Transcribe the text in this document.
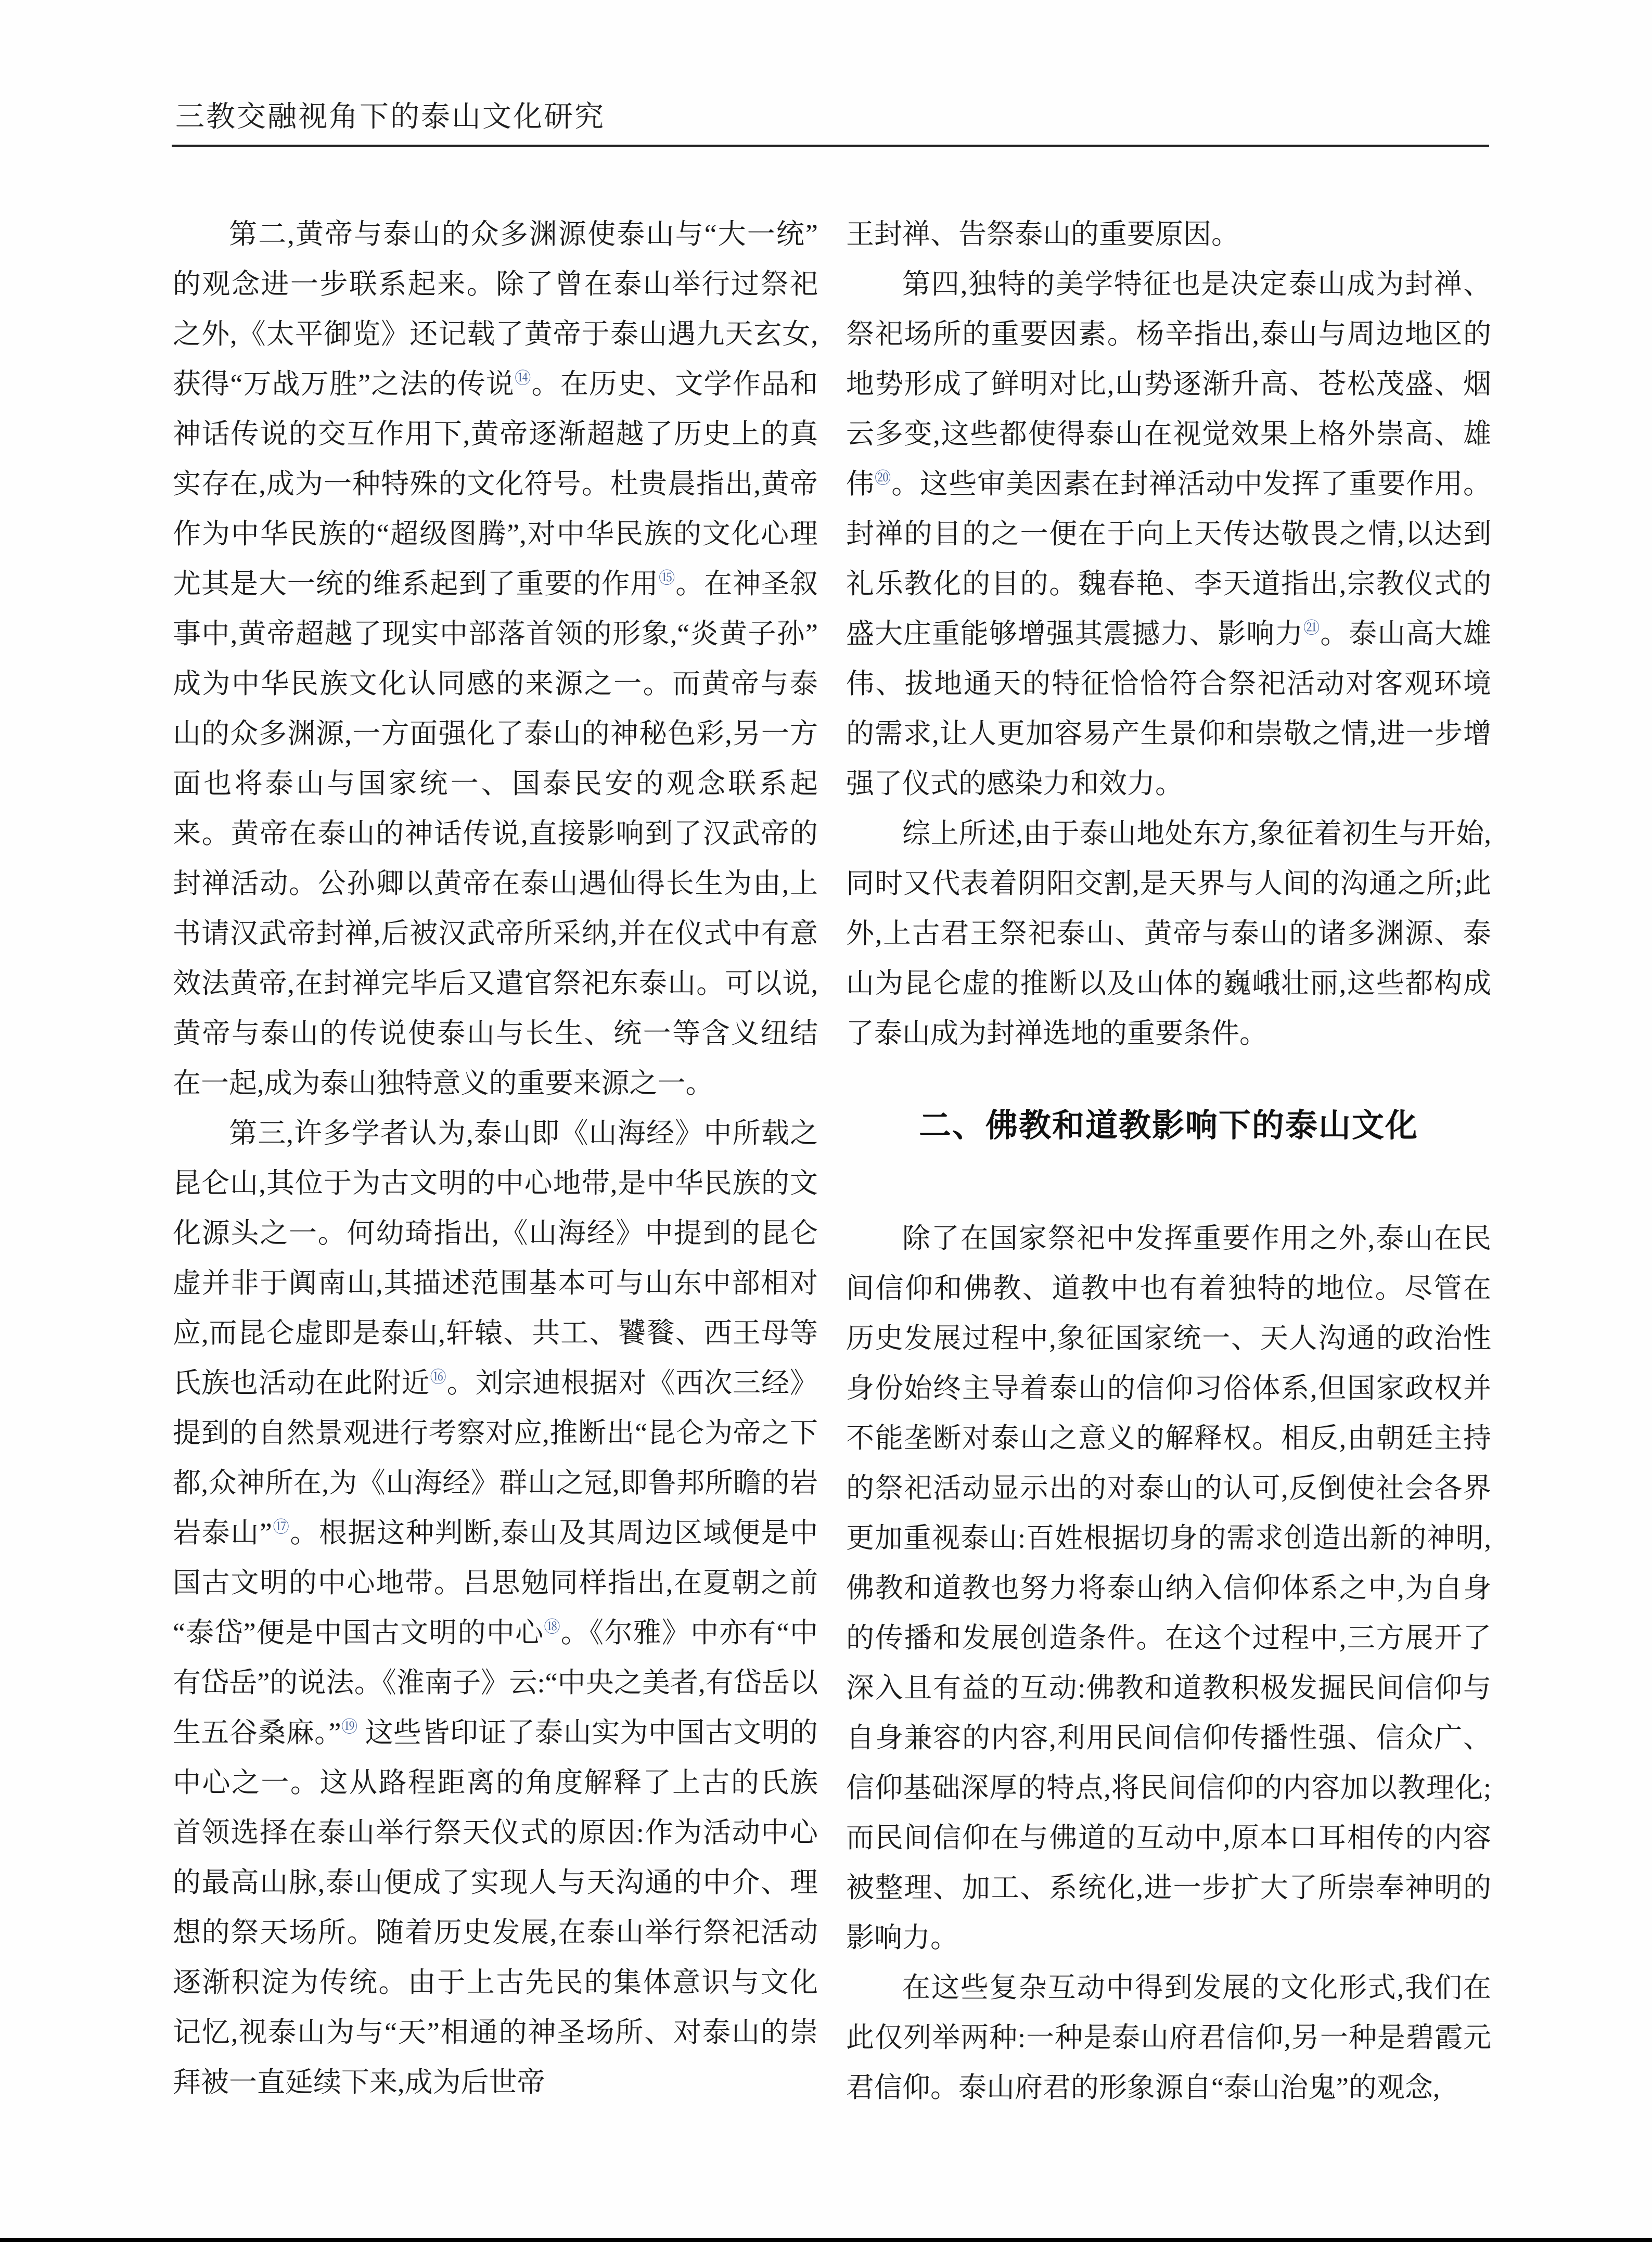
三教交融视角下的泰山文化研究

第二,黄帝与泰山的众多渊源使泰山与“大一统”的观念进一步联系起来。除了曾在泰山举行过祭祀之外,《太平御览》还记载了黄帝于泰山遇九天玄女,获得“万战万胜”之法的传说⑭。在历史、文学作品和神话传说的交互作用下,黄帝逐渐超越了历史上的真实存在,成为一种特殊的文化符号。杜贵晨指出,黄帝作为中华民族的“超级图腾”,对中华民族的文化心理尤其是大一统的维系起到了重要的作用⑮。在神圣叙事中,黄帝超越了现实中部落首领的形象,“炎黄子孙”成为中华民族文化认同感的来源之一。而黄帝与泰山的众多渊源,一方面强化了泰山的神秘色彩,另一方面也将泰山与国家统一、国泰民安的观念联系起来。黄帝在泰山的神话传说,直接影响到了汉武帝的封禅活动。公孙卿以黄帝在泰山遇仙得长生为由,上书请汉武帝封禅,后被汉武帝所采纳,并在仪式中有意效法黄帝,在封禅完毕后又遣官祭祀东泰山。可以说,黄帝与泰山的传说使泰山与长生、统一等含义纽结在一起,成为泰山独特意义的重要来源之一。

第三,许多学者认为,泰山即《山海经》中所载之昆仑山,其位于为古文明的中心地带,是中华民族的文化源头之一。何幼琦指出,《山海经》中提到的昆仑虚并非于阗南山,其描述范围基本可与山东中部相对应,而昆仑虚即是泰山,轩辕、共工、饕餮、西王母等氏族也活动在此附近⑯。刘宗迪根据对《西次三经》提到的自然景观进行考察对应,推断出“昆仑为帝之下都,众神所在,为《山海经》群山之冠,即鲁邦所瞻的岩岩泰山”⑰。根据这种判断,泰山及其周边区域便是中国古文明的中心地带。吕思勉同样指出,在夏朝之前“泰岱”便是中国古文明的中心⑱。《尔雅》中亦有“中有岱岳”的说法。《淮南子》云:“中央之美者,有岱岳以生五谷桑麻。”⑲ 这些皆印证了泰山实为中国古文明的中心之一。这从路程距离的角度解释了上古的氏族首领选择在泰山举行祭天仪式的原因:作为活动中心的最高山脉,泰山便成了实现人与天沟通的中介、理想的祭天场所。随着历史发展,在泰山举行祭祀活动逐渐积淀为传统。由于上古先民的集体意识与文化记忆,视泰山为与“天”相通的神圣场所、对泰山的崇拜被一直延续下来,成为后世帝

王封禅、告祭泰山的重要原因。

第四,独特的美学特征也是决定泰山成为封禅、祭祀场所的重要因素。杨辛指出,泰山与周边地区的地势形成了鲜明对比,山势逐渐升高、苍松茂盛、烟云多变,这些都使得泰山在视觉效果上格外崇高、雄伟⑳。这些审美因素在封禅活动中发挥了重要作用。封禅的目的之一便在于向上天传达敬畏之情,以达到礼乐教化的目的。魏春艳、李天道指出,宗教仪式的盛大庄重能够增强其震撼力、影响力$^㉑$。泰山高大雄伟、拔地通天的特征恰恰符合祭祀活动对客观环境的需求,让人更加容易产生景仰和崇敬之情,进一步增强了仪式的感染力和效力。

综上所述,由于泰山地处东方,象征着初生与开始,同时又代表着阴阳交割,是天界与人间的沟通之所;此外,上古君王祭祀泰山、黄帝与泰山的诸多渊源、泰山为昆仑虚的推断以及山体的巍峨壮丽,这些都构成了泰山成为封禅选地的重要条件。

二、佛教和道教影响下的泰山文化

除了在国家祭祀中发挥重要作用之外,泰山在民间信仰和佛教、道教中也有着独特的地位。尽管在历史发展过程中,象征国家统一、天人沟通的政治性身份始终主导着泰山的信仰习俗体系,但国家政权并不能垄断对泰山之意义的解释权。相反,由朝廷主持的祭祀活动显示出的对泰山的认可,反倒使社会各界更加重视泰山:百姓根据切身的需求创造出新的神明,佛教和道教也努力将泰山纳入信仰体系之中,为自身的传播和发展创造条件。在这个过程中,三方展开了深入且有益的互动:佛教和道教积极发掘民间信仰与自身兼容的内容,利用民间信仰传播性强、信众广、信仰基础深厚的特点,将民间信仰的内容加以教理化;而民间信仰在与佛道的互动中,原本口耳相传的内容被整理、加工、系统化,进一步扩大了所崇奉神明的影响力。

在这些复杂互动中得到发展的文化形式,我们在此仅列举两种:一种是泰山府君信仰,另一种是碧霞元君信仰。泰山府君的形象源自“泰山治鬼”的观念,
